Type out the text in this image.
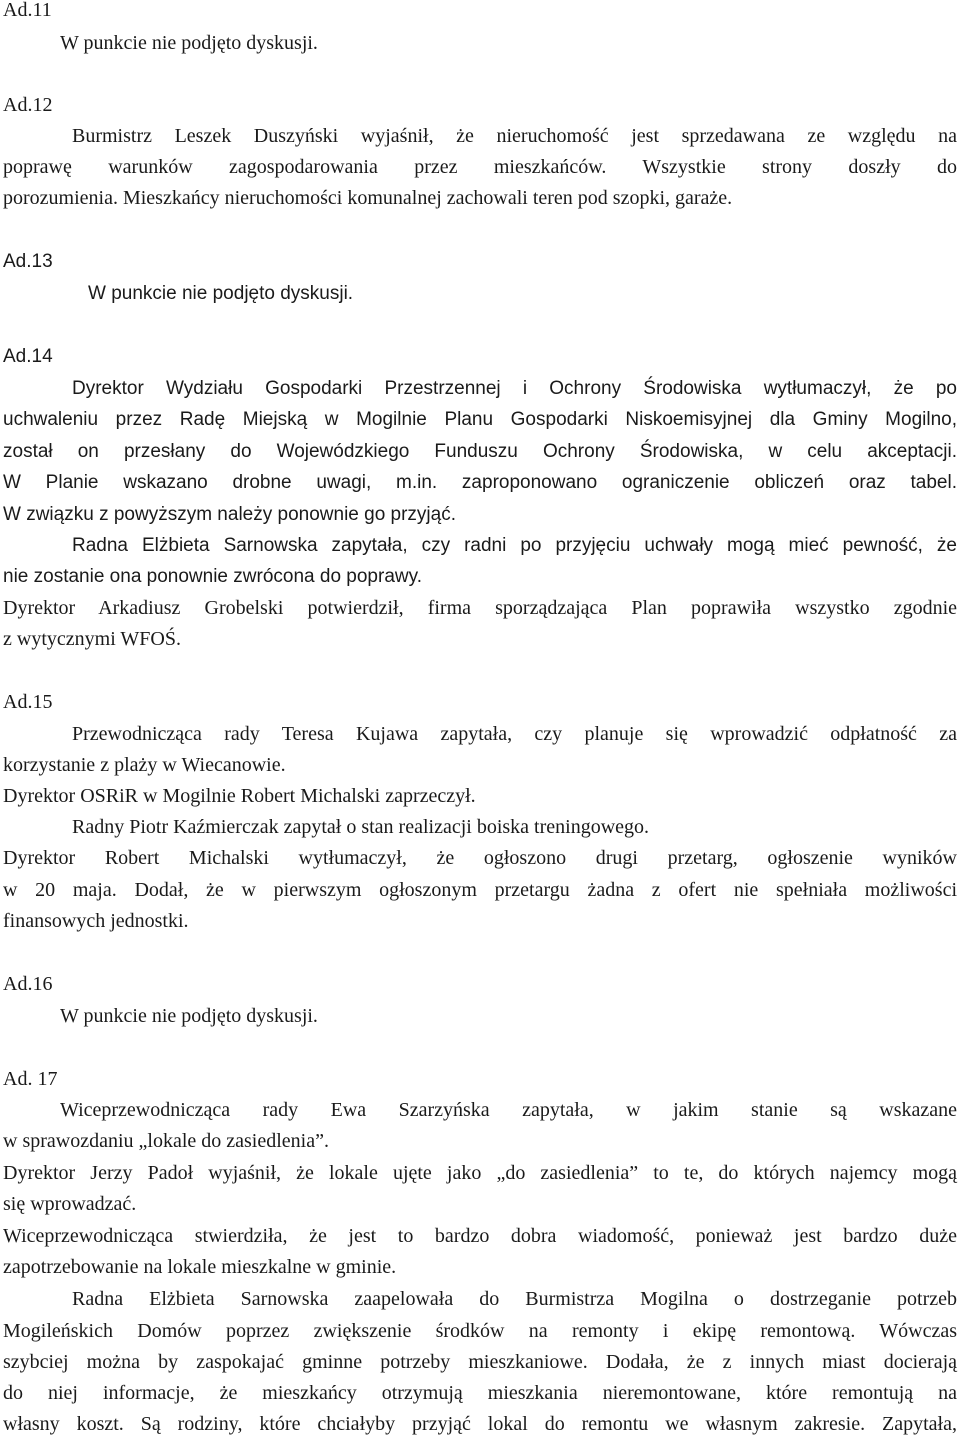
Ad.11

W punkcie nie podjęto dyskusji.

Ad.12

Burmistrz Leszek Duszyński wyjaśnił, że nieruchomość jest sprzedawana ze względu na

poprawę warunków zagospodarowania przez mieszkańców. Wszystkie strony doszły do

porozumienia. Mieszkańcy nieruchomości komunalnej zachowali teren pod szopki, garaże.

Ad.13

W punkcie nie podjęto dyskusji.

Ad.14

Dyrektor Wydziału Gospodarki Przestrzennej i Ochrony Środowiska wytłumaczył, że po

uchwaleniu przez Radę Miejską w Mogilnie Planu Gospodarki Niskoemisyjnej dla Gminy Mogilno,

został on przesłany do Wojewódzkiego Funduszu Ochrony Środowiska, w celu akceptacji.

W Planie wskazano drobne uwagi, m.in. zaproponowano ograniczenie obliczeń oraz tabel.

W związku z powyższym należy ponownie go przyjąć.

Radna Elżbieta Sarnowska zapytała, czy radni po przyjęciu uchwały mogą mieć pewność, że

nie zostanie ona ponownie zwrócona do poprawy.

Dyrektor Arkadiusz Grobelski potwierdził, firma sporządzająca Plan poprawiła wszystko zgodnie

z wytycznymi WFOŚ.

Ad.15

Przewodnicząca rady Teresa Kujawa zapytała, czy planuje się wprowadzić odpłatność za

korzystanie z plaży w Wiecanowie.

Dyrektor OSRiR w Mogilnie Robert Michalski zaprzeczył.

Radny Piotr Kaźmierczak zapytał o stan realizacji boiska treningowego.

Dyrektor Robert Michalski wytłumaczył, że ogłoszono drugi przetarg, ogłoszenie wyników

w 20 maja. Dodał, że w pierwszym ogłoszonym przetargu żadna z ofert nie spełniała możliwości

finansowych jednostki.

Ad.16

W punkcie nie podjęto dyskusji.

Ad. 17

Wiceprzewodnicząca rady Ewa Szarzyńska zapytała, w jakim stanie są wskazane

w sprawozdaniu „lokale do zasiedlenia”.

Dyrektor Jerzy Padoł wyjaśnił, że lokale ujęte jako „do zasiedlenia” to te, do których najemcy mogą

się wprowadzać.

Wiceprzewodnicząca stwierdziła, że jest to bardzo dobra wiadomość, ponieważ jest bardzo duże

zapotrzebowanie na lokale mieszkalne w gminie.

Radna Elżbieta Sarnowska zaapelowała do Burmistrza Mogilna o dostrzeganie potrzeb

Mogileńskich Domów poprzez zwiększenie środków na remonty i ekipę remontową. Wówczas

szybciej można by zaspokajać gminne potrzeby mieszkaniowe. Dodała, że z innych miast docierają

do niej informacje, że mieszkańcy otrzymują mieszkania nieremontowane, które remontują na

własny koszt. Są rodziny, które chciałyby przyjąć lokal do remontu we własnym zakresie. Zapytała,
